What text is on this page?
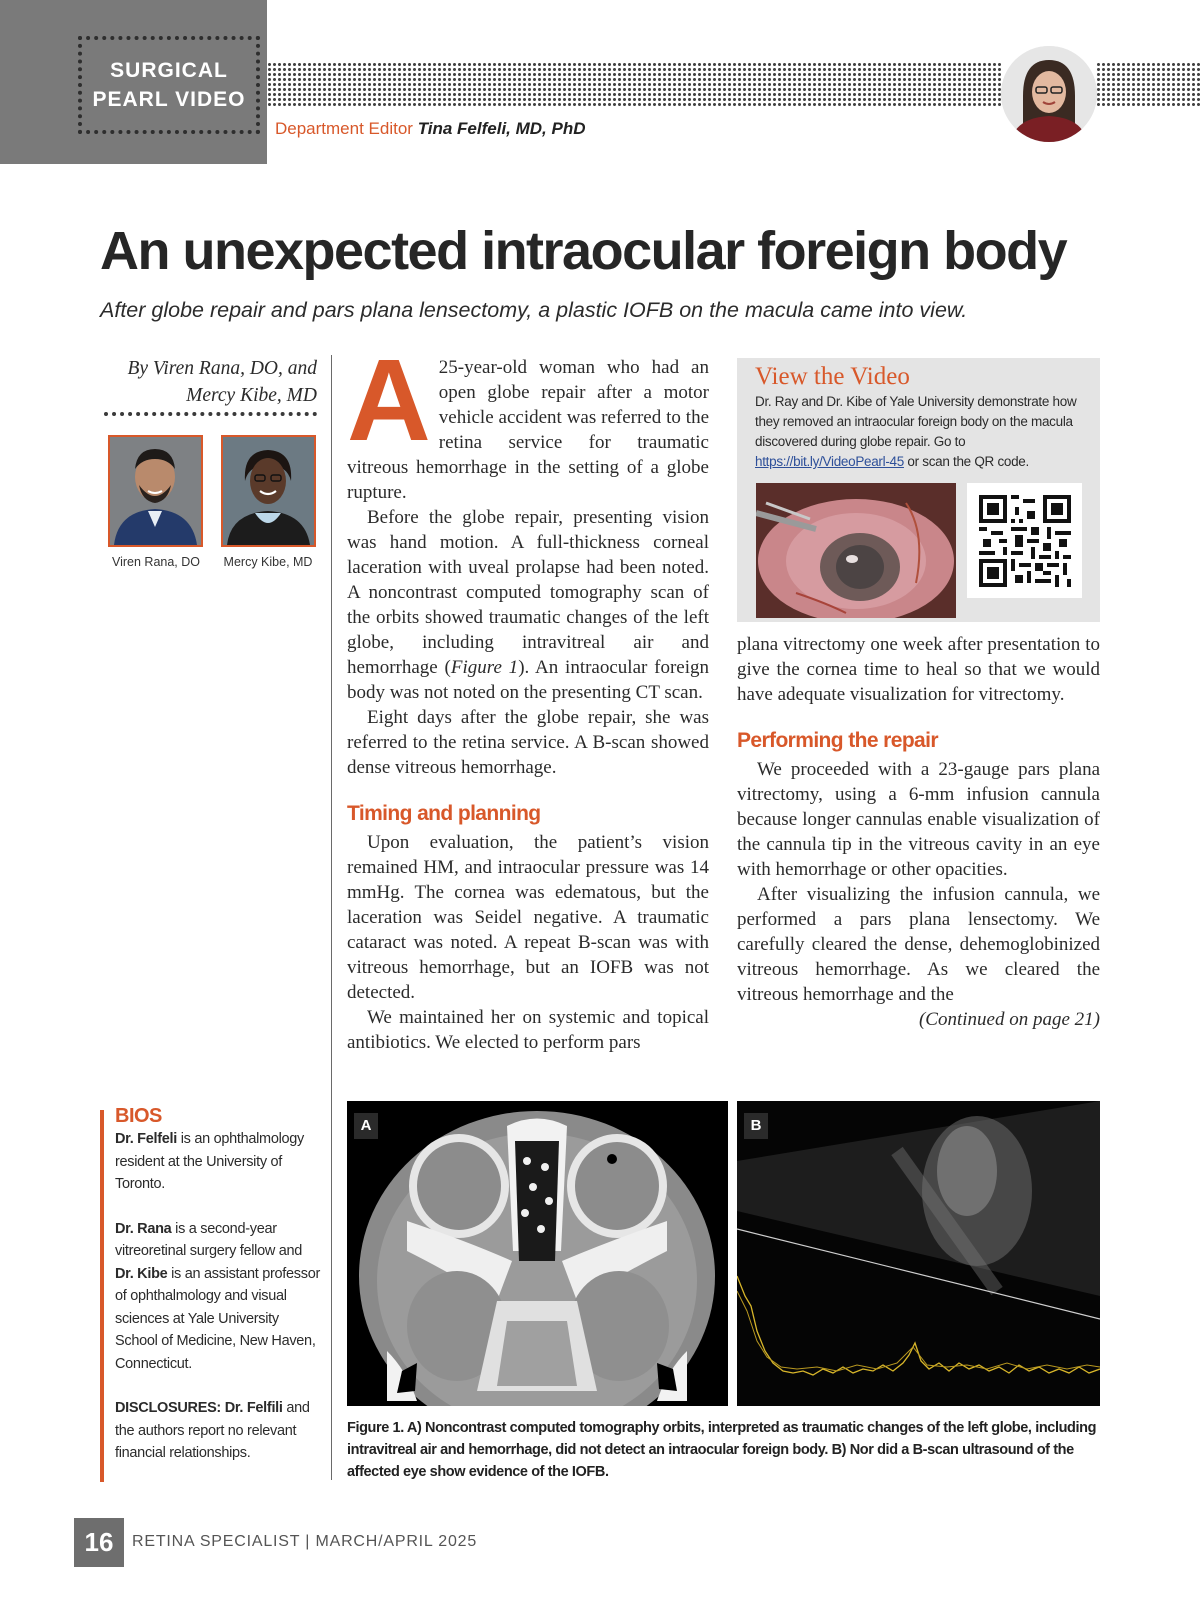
SURGICAL
PEARL VIDEO
Department Editor Tina Felfeli, MD, PhD
An unexpected intraocular foreign body
After globe repair and pars plana lensectomy, a plastic IOFB on the macula came into view.
By Viren Rana, DO, and
Mercy Kibe, MD
Viren Rana, DO	Mercy Kibe, MD
BIOS

Dr. Felfeli is an ophthalmology resident at the University of Toronto.

Dr. Rana is a second-year vitreoretinal surgery fellow and Dr. Kibe is an assistant professor of ophthalmology and visual sciences at Yale University School of Medicine, New Haven, Connecticut.

DISCLOSURES: Dr. Felfili and the authors report no relevant financial relationships.

A 25-year-old woman who had an open globe repair after a motor vehicle accident was referred to the retina service for traumatic vitreous hemorrhage in the setting of a globe rupture.

Before the globe repair, presenting vision was hand motion. A full-thickness corneal laceration with uveal prolapse had been noted. A noncontrast computed tomography scan of the orbits showed traumatic changes of the left globe, including intravitreal air and hemorrhage (Figure 1). An intraocular foreign body was not noted on the presenting CT scan.

Eight days after the globe repair, she was referred to the retina service. A B-scan showed dense vitreous hemorrhage.

Timing and planning

Upon evaluation, the patient’s vision remained HM, and intraocular pressure was 14 mmHg. The cornea was edematous, but the laceration was Seidel negative. A traumatic cataract was noted. A repeat B-scan was with vitreous hemorrhage, but an IOFB was not detected.

We maintained her on systemic and topical antibiotics. We elected to perform pars

View the Video
Dr. Ray and Dr. Kibe of Yale University demonstrate how they removed an intraocular foreign body on the macula discovered during globe repair. Go to https://bit.ly/VideoPearl-45 or scan the QR code.

plana vitrectomy one week after presentation to give the cornea time to heal so that we would have adequate visualization for vitrectomy.

Performing the repair

We proceeded with a 23-gauge pars plana vitrectomy, using a 6-mm infusion cannula because longer cannulas enable visualization of the cannula tip in the vitreous cavity in an eye with hemorrhage or other opacities.

After visualizing the infusion cannula, we performed a pars plana lensectomy. We carefully cleared the dense, dehemoglobinized vitreous hemorrhage. As we cleared the vitreous hemorrhage and the

(Continued on page 21)
A	B
Figure 1. A) Noncontrast computed tomography orbits, interpreted as traumatic changes of the left globe, including intravitreal air and hemorrhage, did not detect an intraocular foreign body. B) Nor did a B-scan ultrasound of the affected eye show evidence of the IOFB.
16	RETINA SPECIALIST | MARCH/APRIL 2025
